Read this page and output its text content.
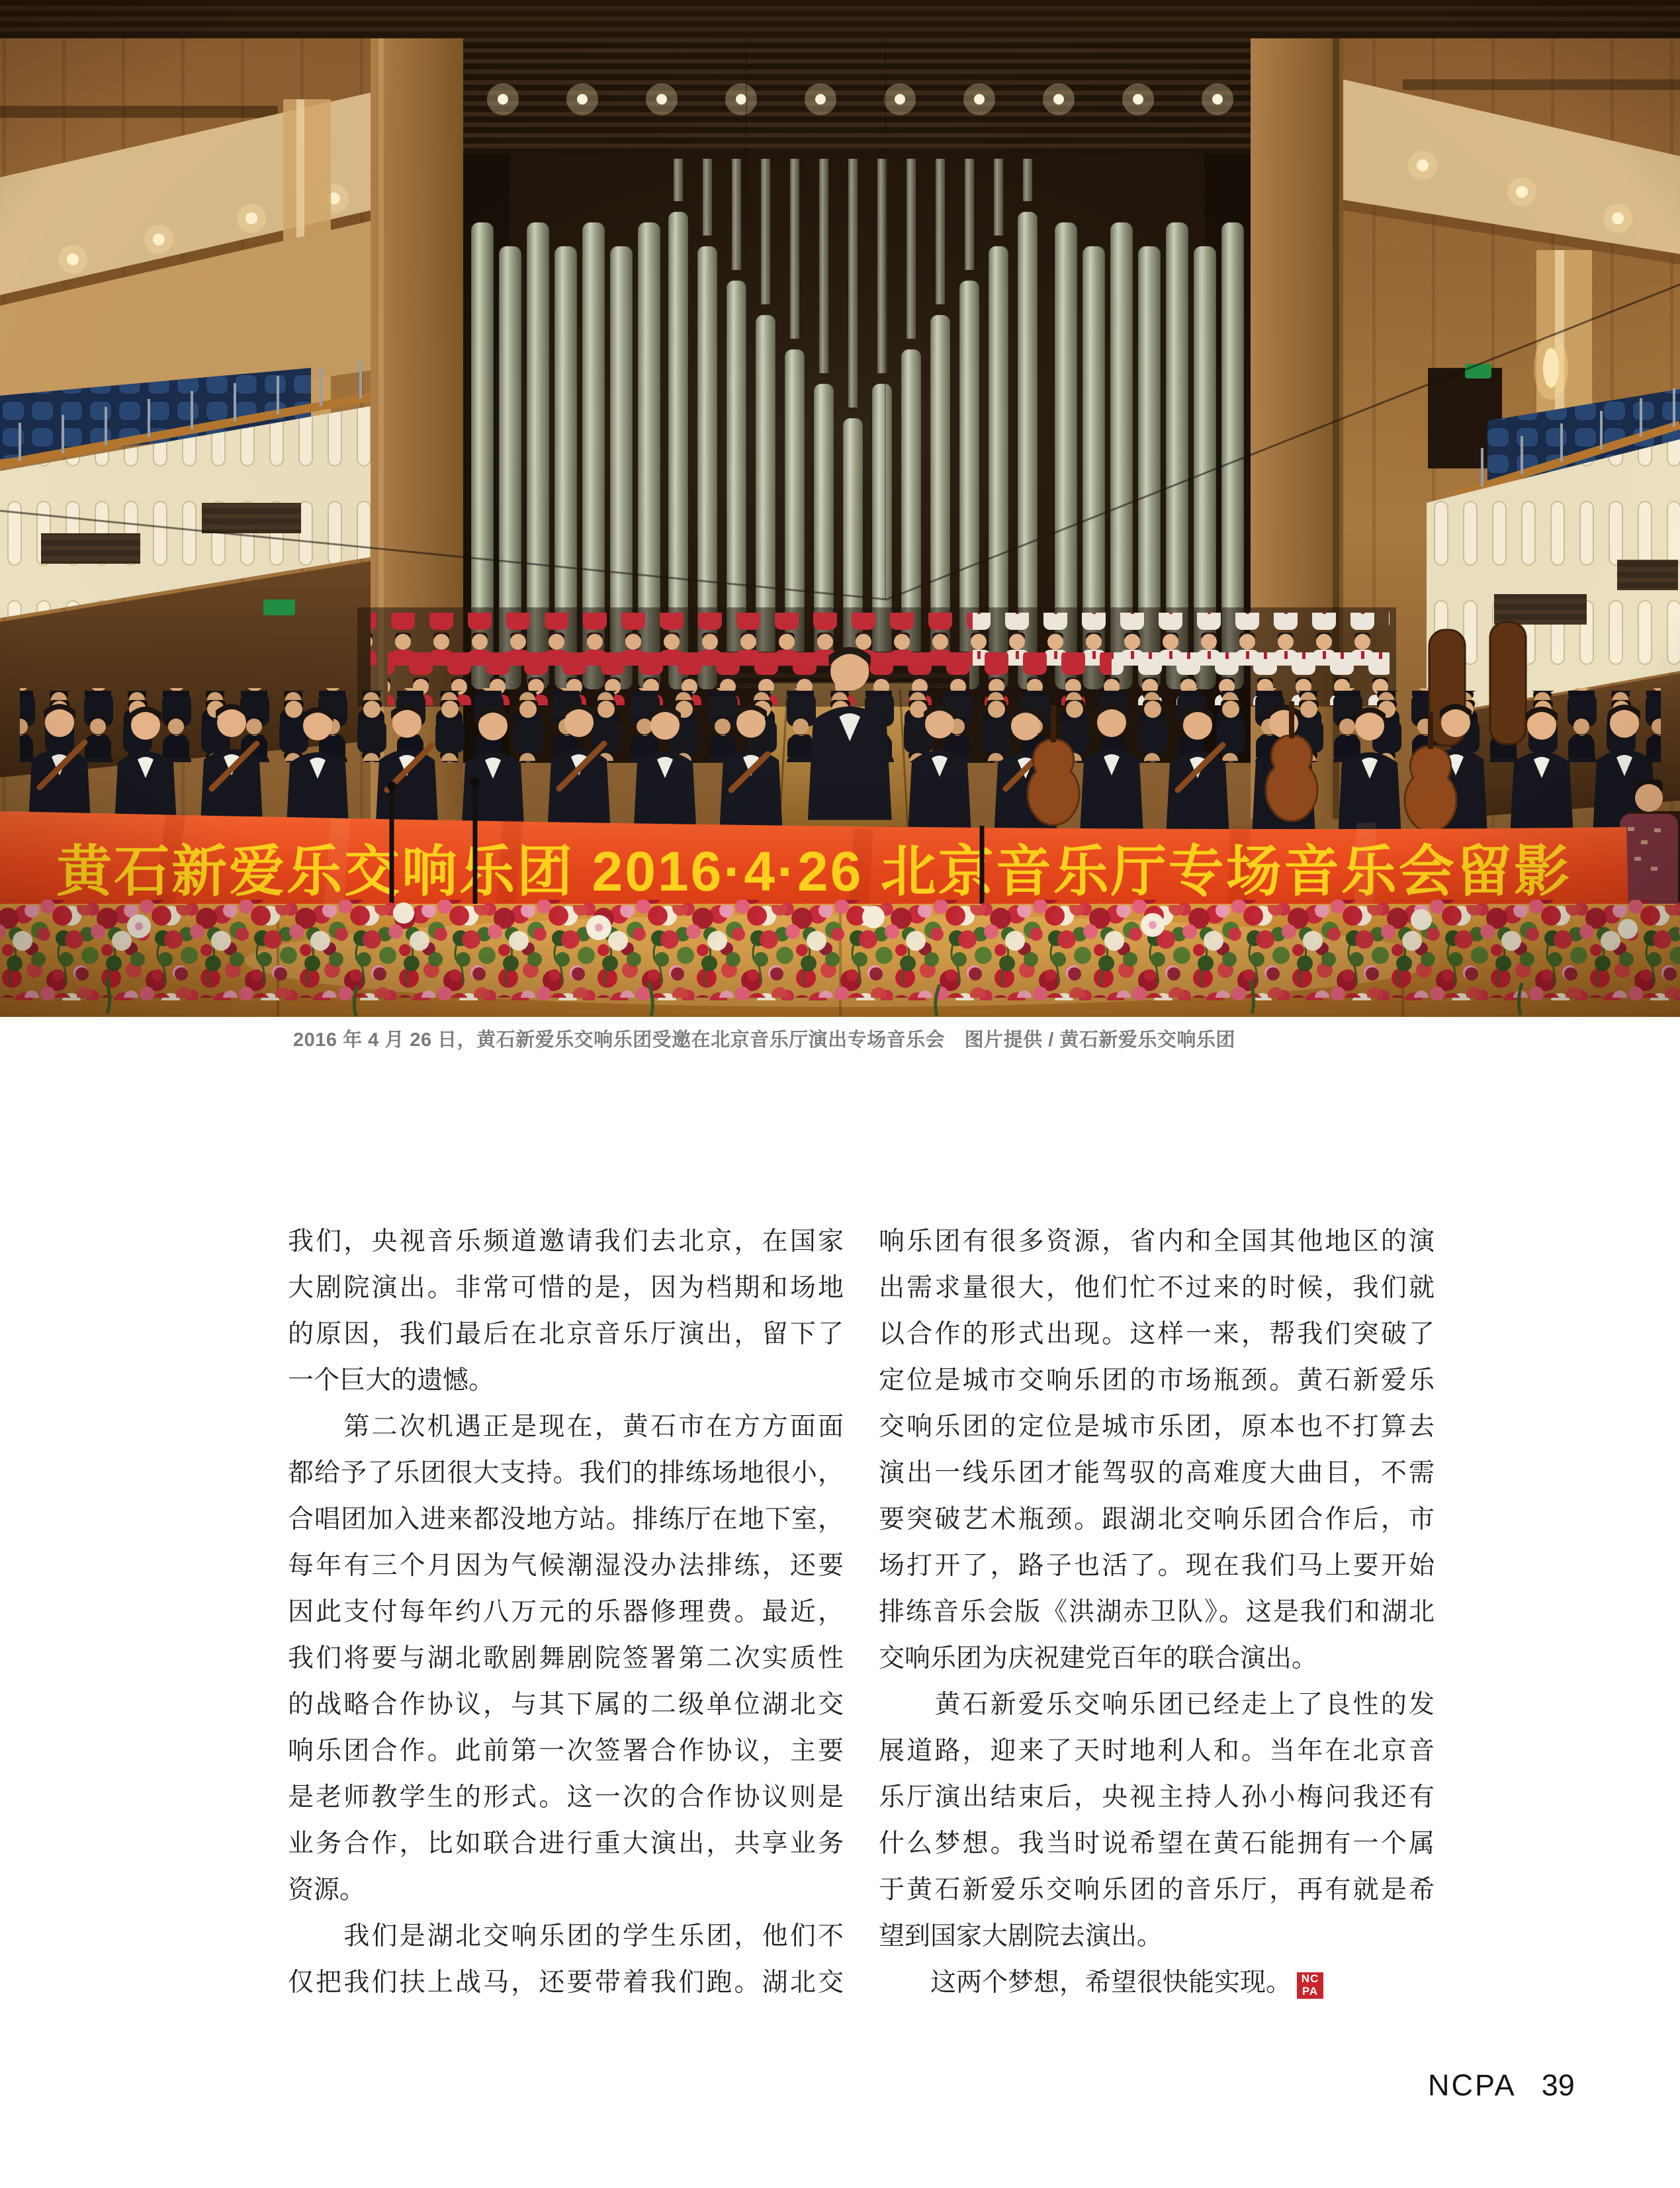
2016 年 4 月 26 日，黄石新爱乐交响乐团受邀在北京音乐厅演出专场音乐会　图片提供 / 黄石新爱乐交响乐团
我们，央视音乐频道邀请我们去北京，在国家
大剧院演出。非常可惜的是，因为档期和场地
的原因，我们最后在北京音乐厅演出，留下了
一个巨大的遗憾。
　　第二次机遇正是现在，黄石市在方方面面
都给予了乐团很大支持。我们的排练场地很小，
合唱团加入进来都没地方站。排练厅在地下室，
每年有三个月因为气候潮湿没办法排练，还要
因此支付每年约八万元的乐器修理费。最近，
我们将要与湖北歌剧舞剧院签署第二次实质性
的战略合作协议，与其下属的二级单位湖北交
响乐团合作。此前第一次签署合作协议，主要
是老师教学生的形式。这一次的合作协议则是
业务合作，比如联合进行重大演出，共享业务
资源。
　　我们是湖北交响乐团的学生乐团，他们不
仅把我们扶上战马，还要带着我们跑。湖北交
响乐团有很多资源，省内和全国其他地区的演
出需求量很大，他们忙不过来的时候，我们就
以合作的形式出现。这样一来，帮我们突破了
定位是城市交响乐团的市场瓶颈。黄石新爱乐
交响乐团的定位是城市乐团，原本也不打算去
演出一线乐团才能驾驭的高难度大曲目，不需
要突破艺术瓶颈。跟湖北交响乐团合作后，市
场打开了，路子也活了。现在我们马上要开始
排练音乐会版《洪湖赤卫队》。这是我们和湖北
交响乐团为庆祝建党百年的联合演出。
　　黄石新爱乐交响乐团已经走上了良性的发
展道路，迎来了天时地利人和。当年在北京音
乐厅演出结束后，央视主持人孙小梅问我还有
什么梦想。我当时说希望在黄石能拥有一个属
于黄石新爱乐交响乐团的音乐厅，再有就是希
望到国家大剧院去演出。
　　这两个梦想，希望很快能实现。 NC
PA
NCPA 39
